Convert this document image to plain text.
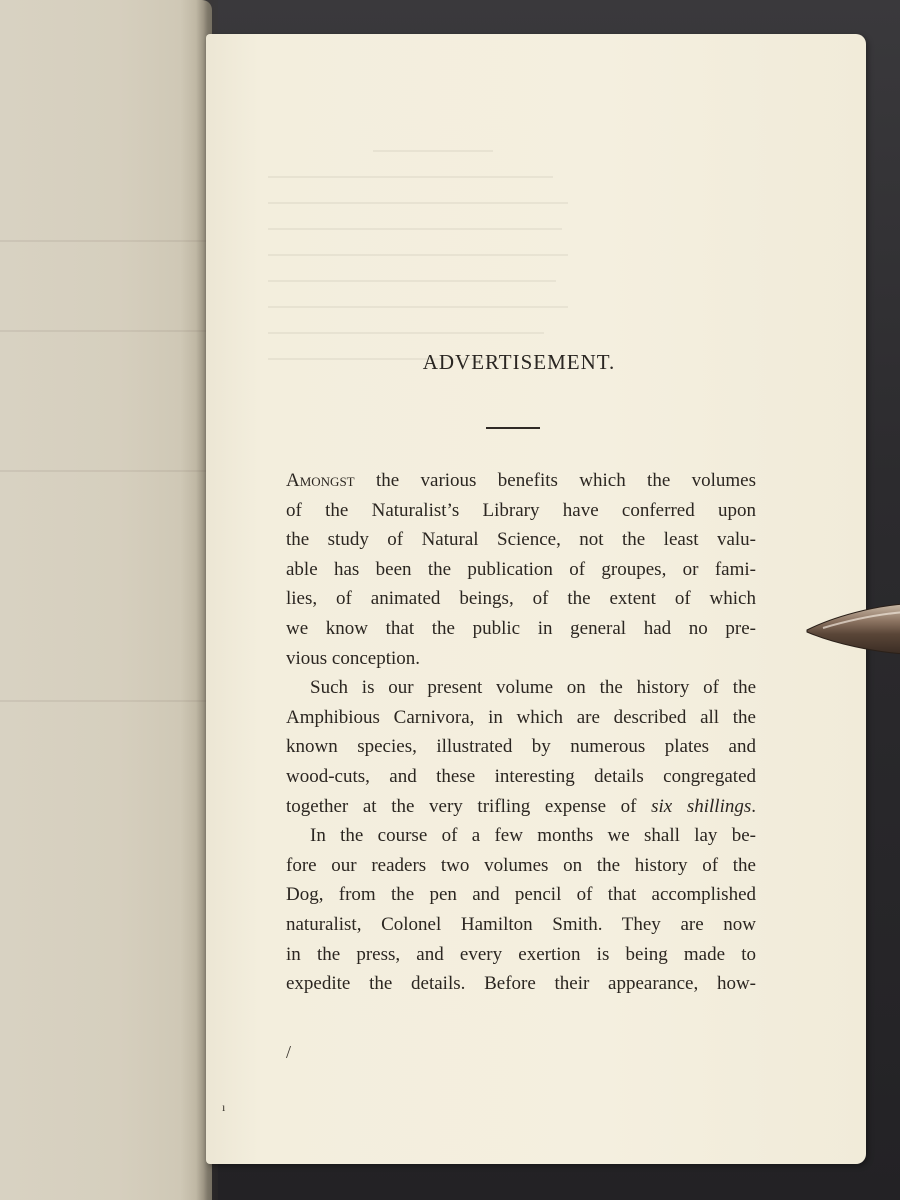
ADVERTISEMENT.

Amongst the various benefits which the volumes
of the Naturalist’s Library have conferred upon
the study of Natural Science, not the least valu-
able has been the publication of groupes, or fami-
lies, of animated beings, of the extent of which
we know that the public in general had no pre-
vious conception.

Such is our present volume on the history of the
Amphibious Carnivora, in which are described all the
known species, illustrated by numerous plates and
wood-cuts, and these interesting details congregated
together at the very trifling expense of six shillings.

In the course of a few months we shall lay be-
fore our readers two volumes on the history of the
Dog, from the pen and pencil of that accomplished
naturalist, Colonel Hamilton Smith. They are now
in the press, and every exertion is being made to
expedite the details. Before their appearance, how-

/
ı
